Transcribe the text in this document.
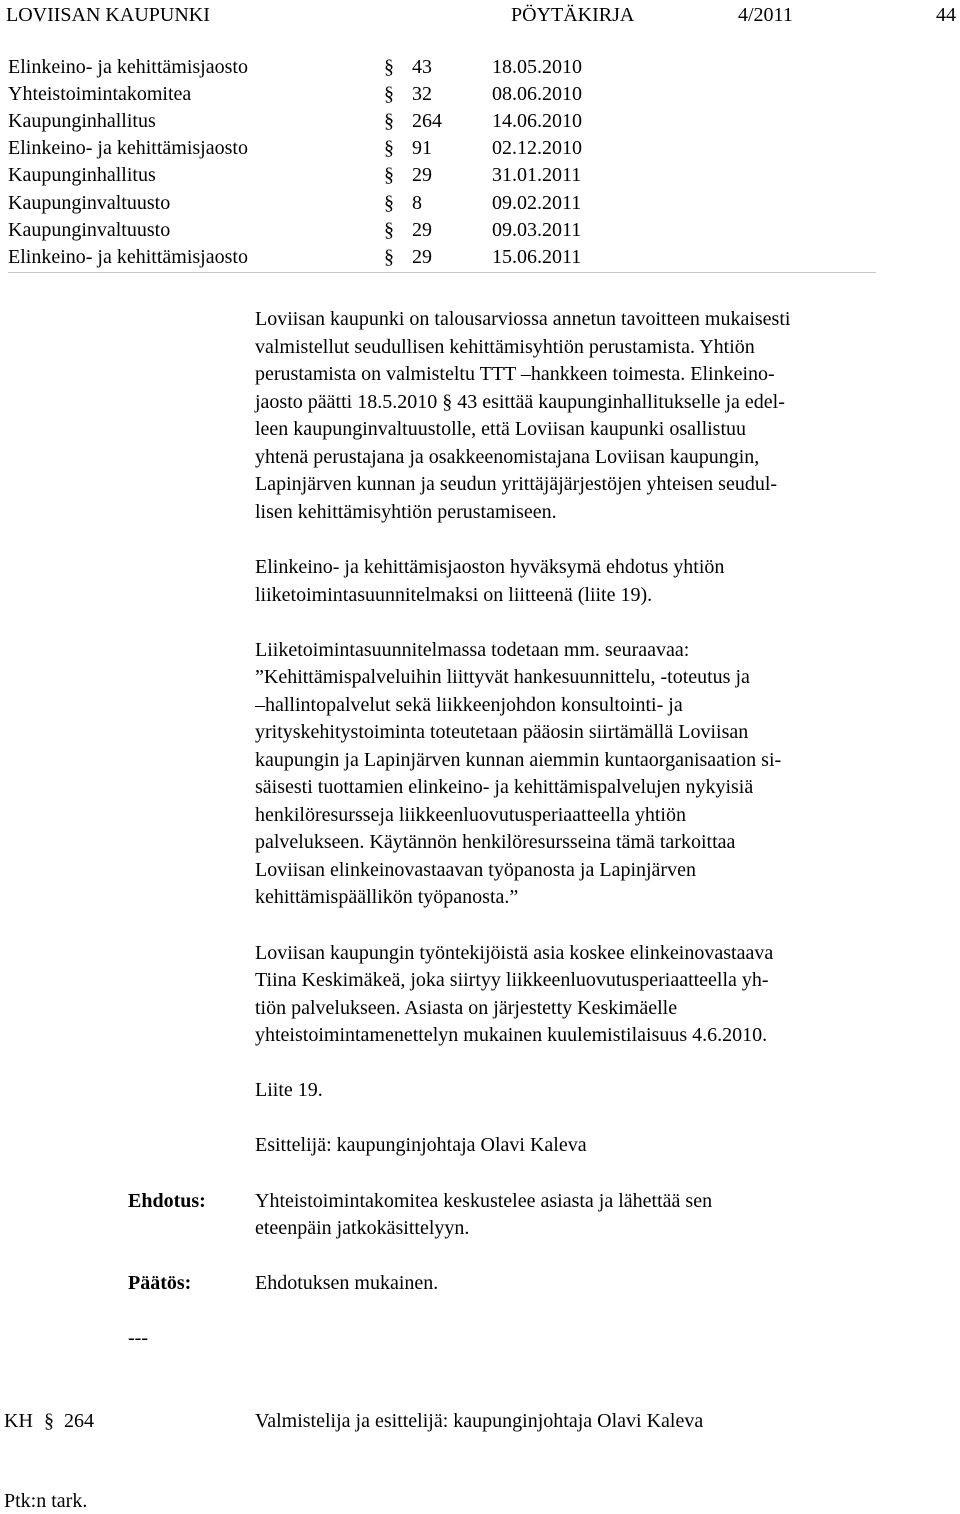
LOVIISAN KAUPUNKI	PÖYTÄKIRJA	4/2011	44
Elinkeino- ja kehittämisjaosto	§ 43	18.05.2010
Yhteistoimintakomitea	§ 32	08.06.2010
Kaupunginhallitus	§ 264	14.06.2010
Elinkeino- ja kehittämisjaosto	§ 91	02.12.2010
Kaupunginhallitus	§ 29	31.01.2011
Kaupunginvaltuusto	§ 8	09.02.2011
Kaupunginvaltuusto	§ 29	09.03.2011
Elinkeino- ja kehittämisjaosto	§ 29	15.06.2011
Loviisan kaupunki on talousarviossa annetun tavoitteen mukaisesti
valmistellut seudullisen kehittämisyhtiön perustamista. Yhtiön
perustamista on valmisteltu TTT –hankkeen toimesta. Elinkeino-
jaosto päätti 18.5.2010 § 43 esittää kaupunginhallitukselle ja edel-
leen kaupunginvaltuustolle, että Loviisan kaupunki osallistuu
yhtenä perustajana ja osakkeenomistajana Loviisan kaupungin,
Lapinjärven kunnan ja seudun yrittäjäjärjestöjen yhteisen seudul-
lisen kehittämisyhtiön perustamiseen.
Elinkeino- ja kehittämisjaoston hyväksymä ehdotus yhtiön
liiketoimintasuunnitelmaksi on liitteenä (liite 19).
Liiketoimintasuunnitelmassa todetaan mm. seuraavaa:
”Kehittämispalveluihin liittyvät hankesuunnittelu, -toteutus ja
–hallintopalvelut sekä liikkeenjohdon konsultointi- ja
yrityskehitystoiminta toteutetaan pääosin siirtämällä Loviisan
kaupungin ja Lapinjärven kunnan aiemmin kuntaorganisaation si-
säisesti tuottamien elinkeino- ja kehittämispalvelujen nykyisiä
henkilöresursseja liikkeenluovutusperiaatteella yhtiön
palvelukseen. Käytännön henkilöresursseina tämä tarkoittaa
Loviisan elinkeinovastaavan työpanosta ja Lapinjärven
kehittämispäällikön työpanosta.”
Loviisan kaupungin työntekijöistä asia koskee elinkeinovastaava
Tiina Keskimäkeä, joka siirtyy liikkeenluovutusperiaatteella yh-
tiön palvelukseen. Asiasta on järjestetty Keskimäelle
yhteistoimintamenettelyn mukainen kuulemistilaisuus 4.6.2010.
Liite 19.
Esittelijä: kaupunginjohtaja Olavi Kaleva
Ehdotus: Yhteistoimintakomitea keskustelee asiasta ja lähettää sen
eteenpäin jatkokäsittelyyn.
Päätös:	Ehdotuksen mukainen.
---
KH § 264	Valmistelija ja esittelijä: kaupunginjohtaja Olavi Kaleva
Ptk:n tark.
